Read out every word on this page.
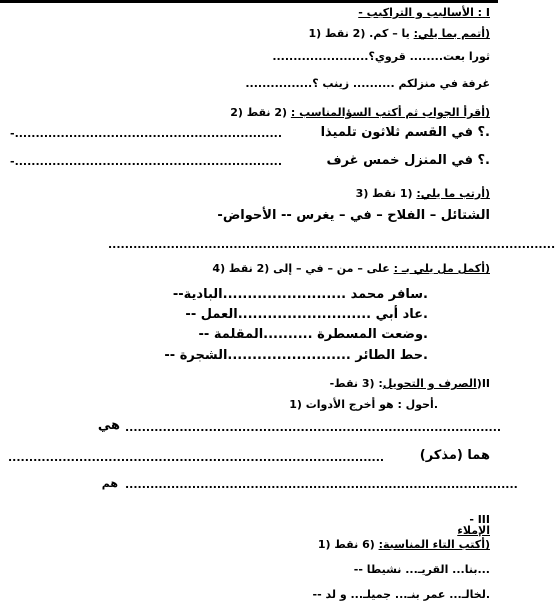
I : الأساليب و التراكيب -
(أتمم بما يلي: يا – كم. (2 نقط (1
ثورا بعت........ قروي؟.......................
غرفة في منزلكم .......... زينب ؟................
(أقرأ الجواب ثم أكتب السؤالمناسب : (2 نقط (2
.؟ في القسم ثلاثون تلميذا
-................................................................
.؟ في المنزل خمس غرف
-................................................................
(أرتب ما يلي: (1 نقط (3
الشتائل – الفلاح – في – يغرس -- الأحواض-
...........................................................................................................
(أكمل مل يلي بـ : على – من – في – إلى (2 نقط (4
.سافر محمد .........................البادية--
.عاد أبي ...........................العمل --
.وضعت المسطرة ..........المقلمة --
.حط الطائر .........................الشجرة --
II(الصرف و التحويل: (3 نقط-
.أحول : هو أخرج الأدوات (1
هي ..........................................................................................
هما (مذكر)
..........................................................................................
هم ..............................................................................................
III -
الإملاء
(أكتب التاء المناسبة: (6 نقط (1
...بنا... القريـ... نشيطا --
.لخالـ... عمر بنـ... جميلـ... و لد --
